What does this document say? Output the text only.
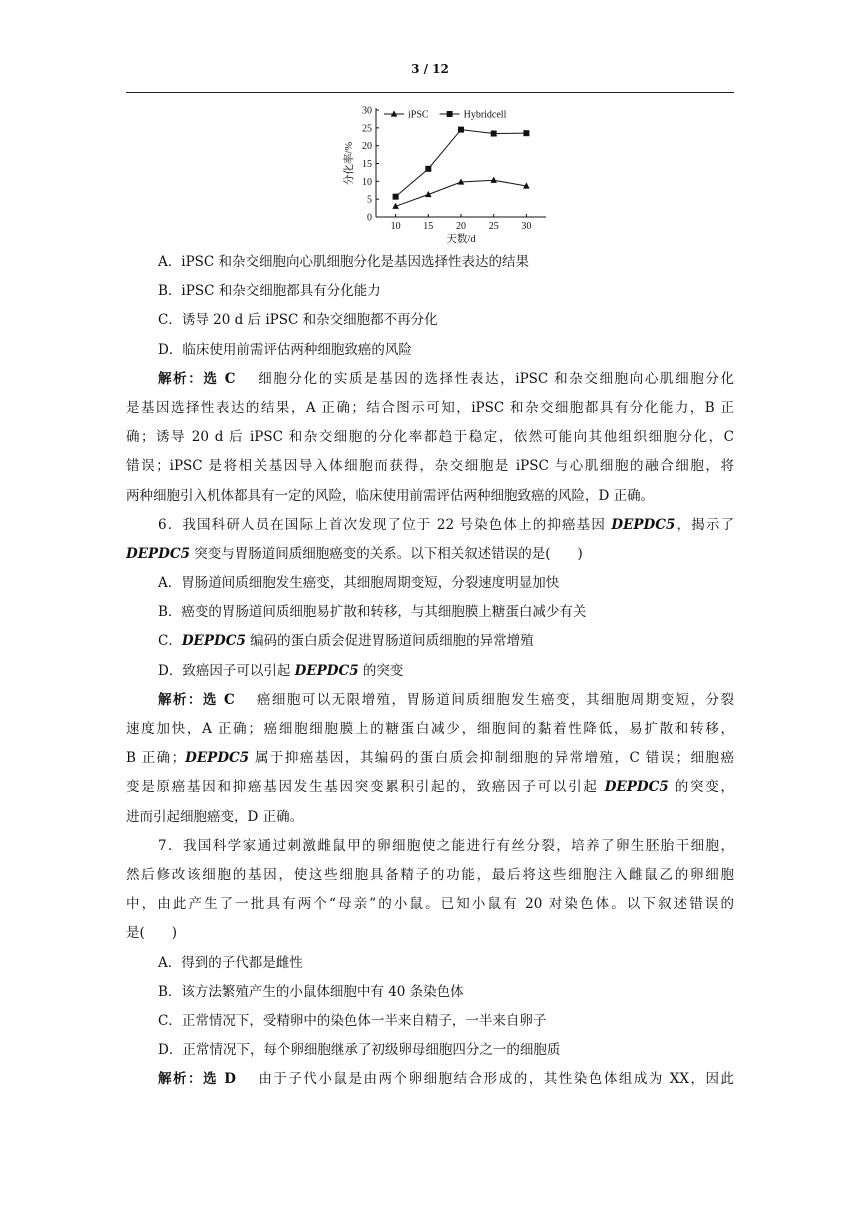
3 / 12
0
5
10
15
20
25
30
10 15 20 25 30
天数/d
分化率/%
iPSC	Hybridcell
A．iPSC 和杂交细胞向心肌细胞分化是基因选择性表达的结果
B．iPSC 和杂交细胞都具有分化能力
C．诱导 20 d 后 iPSC 和杂交细胞都不再分化
D．临床使用前需评估两种细胞致癌的风险
解析：选 C　 细胞分化的实质是基因的选择性表达，iPSC 和杂交细胞向心肌细胞分化
是基因选择性表达的结果，A 正确；结合图示可知，iPSC 和杂交细胞都具有分化能力，B 正
确；诱导 20 d 后 iPSC 和杂交细胞的分化率都趋于稳定，依然可能向其他组织细胞分化，C
错误；iPSC 是将相关基因导入体细胞而获得，杂交细胞是 iPSC 与心肌细胞的融合细胞，将
两种细胞引入机体都具有一定的风险，临床使用前需评估两种细胞致癌的风险，D 正确。
6．我国科研人员在国际上首次发现了位于 22 号染色体上的抑癌基因 DEPDC5，揭示了
DEPDC5 突变与胃肠道间质细胞癌变的关系。以下相关叙述错误的是(　　)
A．胃肠道间质细胞发生癌变，其细胞周期变短，分裂速度明显加快
B．癌变的胃肠道间质细胞易扩散和转移，与其细胞膜上糖蛋白减少有关
C．DEPDC5 编码的蛋白质会促进胃肠道间质细胞的异常增殖
D．致癌因子可以引起 DEPDC5 的突变
解析：选 C　 癌细胞可以无限增殖，胃肠道间质细胞发生癌变，其细胞周期变短，分裂
速度加快，A 正确；癌细胞细胞膜上的糖蛋白减少，细胞间的黏着性降低，易扩散和转移，
B 正确；DEPDC5 属于抑癌基因，其编码的蛋白质会抑制细胞的异常增殖，C 错误；细胞癌
变是原癌基因和抑癌基因发生基因突变累积引起的，致癌因子可以引起 DEPDC5 的突变，
进而引起细胞癌变，D 正确。
7．我国科学家通过刺激雌鼠甲的卵细胞使之能进行有丝分裂，培养了卵生胚胎干细胞，
然后修改该细胞的基因，使这些细胞具备精子的功能，最后将这些细胞注入雌鼠乙的卵细胞
中，由此产生了一批具有两个“母亲”的小鼠。已知小鼠有 20 对染色体。以下叙述错误的
是(　　)
A．得到的子代都是雌性
B．该方法繁殖产生的小鼠体细胞中有 40 条染色体
C．正常情况下，受精卵中的染色体一半来自精子，一半来自卵子
D．正常情况下，每个卵细胞继承了初级卵母细胞四分之一的细胞质
解析：选 D　 由于子代小鼠是由两个卵细胞结合形成的，其性染色体组成为 XX，因此
